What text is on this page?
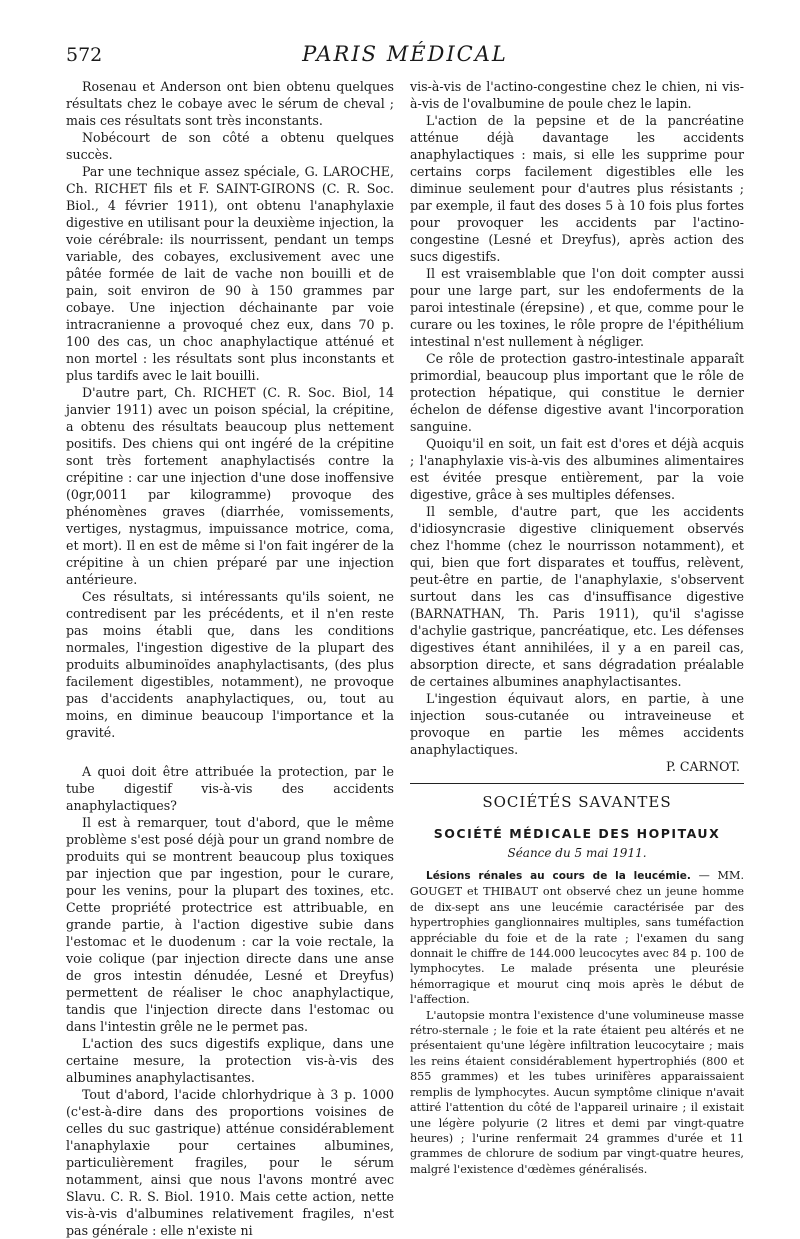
572	PARIS MÉDICAL

Rosenau et Anderson ont bien obtenu quelques résultats chez le cobaye avec le sérum de cheval ; mais ces résultats sont très inconstants.

Nobécourt de son côté a obtenu quelques succès.

Par une technique assez spéciale, G. LAROCHE, Ch. RICHET fils et F. SAINT-GIRONS (C. R. Soc. Biol., 4 février 1911), ont obtenu l'anaphylaxie digestive en utilisant pour la deuxième injection, la voie cérébrale: ils nourrissent, pendant un temps variable, des cobayes, exclusivement avec une pâtée formée de lait de vache non bouilli et de pain, soit environ de 90 à 150 grammes par cobaye. Une injection déchainante par voie intracranienne a provoqué chez eux, dans 70 p. 100 des cas, un choc anaphylactique atténué et non mortel : les résultats sont plus inconstants et plus tardifs avec le lait bouilli.

D'autre part, Ch. RICHET (C. R. Soc. Biol, 14 janvier 1911) avec un poison spécial, la crépitine, a obtenu des résultats beaucoup plus nettement positifs. Des chiens qui ont ingéré de la crépitine sont très fortement anaphylactisés contre la crépitine : car une injection d'une dose inoffensive (0gr,0011 par kilogramme) provoque des phénomènes graves (diarrhée, vomissements, vertiges, nystagmus, impuissance motrice, coma, et mort). Il en est de même si l'on fait ingérer de la crépitine à un chien préparé par une injection antérieure.

Ces résultats, si intéressants qu'ils soient, ne contredisent par les précédents, et il n'en reste pas moins établi que, dans les conditions normales, l'ingestion digestive de la plupart des produits albuminoïdes anaphylactisants, (des plus facilement digestibles, notamment), ne provoque pas d'accidents anaphylactiques, ou, tout au moins, en diminue beaucoup l'importance et la gravité.

A quoi doit être attribuée la protection, par le tube digestif vis-à-vis des accidents anaphylactiques?

Il est à remarquer, tout d'abord, que le même problème s'est posé déjà pour un grand nombre de produits qui se montrent beaucoup plus toxiques par injection que par ingestion, pour le curare, pour les venins, pour la plupart des toxines, etc. Cette propriété protectrice est attribuable, en grande partie, à l'action digestive subie dans l'estomac et le duodenum : car la voie rectale, la voie colique (par injection directe dans une anse de gros intestin dénudée, Lesné et Dreyfus) permettent de réaliser le choc anaphylactique, tandis que l'injection directe dans l'estomac ou dans l'intestin grêle ne le permet pas.

L'action des sucs digestifs explique, dans une certaine mesure, la protection vis-à-vis des albumines anaphylactisantes.

Tout d'abord, l'acide chlorhydrique à 3 p. 1000 (c'est-à-dire dans des proportions voisines de celles du suc gastrique) atténue considérablement l'anaphylaxie pour certaines albumines, particulièrement fragiles, pour le sérum notamment, ainsi que nous l'avons montré avec Slavu. C. R. S. Biol. 1910. Mais cette action, nette vis-à-vis d'albumines relativement fragiles, n'est pas générale : elle n'existe ni

vis-à-vis de l'actino-congestine chez le chien, ni vis-à-vis de l'ovalbumine de poule chez le lapin.

L'action de la pepsine et de la pancréatine atténue déjà davantage les accidents anaphylactiques : mais, si elle les supprime pour certains corps facilement digestibles elle les diminue seulement pour d'autres plus résistants ; par exemple, il faut des doses 5 à 10 fois plus fortes pour provoquer les accidents par l'actino-congestine (Lesné et Dreyfus), après action des sucs digestifs.

Il est vraisemblable que l'on doit compter aussi pour une large part, sur les endoferments de la paroi intestinale (érepsine) , et que, comme pour le curare ou les toxines, le rôle propre de l'épithélium intestinal n'est nullement à négliger.

Ce rôle de protection gastro-intestinale apparaît primordial, beaucoup plus important que le rôle de protection hépatique, qui constitue le dernier échelon de défense digestive avant l'incorporation sanguine.

Quoiqu'il en soit, un fait est d'ores et déjà acquis ; l'anaphylaxie vis-à-vis des albumines alimentaires est évitée presque entièrement, par la voie digestive, grâce à ses multiples défenses.

Il semble, d'autre part, que les accidents d'idiosyncrasie digestive cliniquement observés chez l'homme (chez le nourrisson notamment), et qui, bien que fort disparates et touffus, relèvent, peut-être en partie, de l'anaphylaxie, s'observent surtout dans les cas d'insuffisance digestive (BARNATHAN, Th. Paris 1911), qu'il s'agisse d'achylie gastrique, pancréatique, etc. Les défenses digestives étant annihilées, il y a en pareil cas, absorption directe, et sans dégradation préalable de certaines albumines anaphylactisantes.

L'ingestion équivaut alors, en partie, à une injection sous-cutanée ou intraveineuse et provoque en partie les mêmes accidents anaphylactiques.

P. CARNOT.
SOCIÉTÉS SAVANTES
SOCIÉTÉ MÉDICALE DES HOPITAUX
Séance du 5 mai 1911.

Lésions rénales au cours de la leucémie. — MM. GOUGET et THIBAUT ont observé chez un jeune homme de dix-sept ans une leucémie caractérisée par des hypertrophies ganglionnaires multiples, sans tuméfaction appréciable du foie et de la rate ; l'examen du sang donnait le chiffre de 144.000 leucocytes avec 84 p. 100 de lymphocytes. Le malade présenta une pleurésie hémorragique et mourut cinq mois après le début de l'affection.

L'autopsie montra l'existence d'une volumineuse masse rétro-sternale ; le foie et la rate étaient peu altérés et ne présentaient qu'une légère infiltration leucocytaire ; mais les reins étaient considérablement hypertrophiés (800 et 855 grammes) et les tubes urinifères apparaissaient remplis de lymphocytes. Aucun symptôme clinique n'avait attiré l'attention du côté de l'appareil urinaire ; il existait une légère polyurie (2 litres et demi par vingt-quatre heures) ; l'urine renfermait 24 grammes d'urée et 11 grammes de chlorure de sodium par vingt-quatre heures, malgré l'existence d'œdèmes généralisés.
